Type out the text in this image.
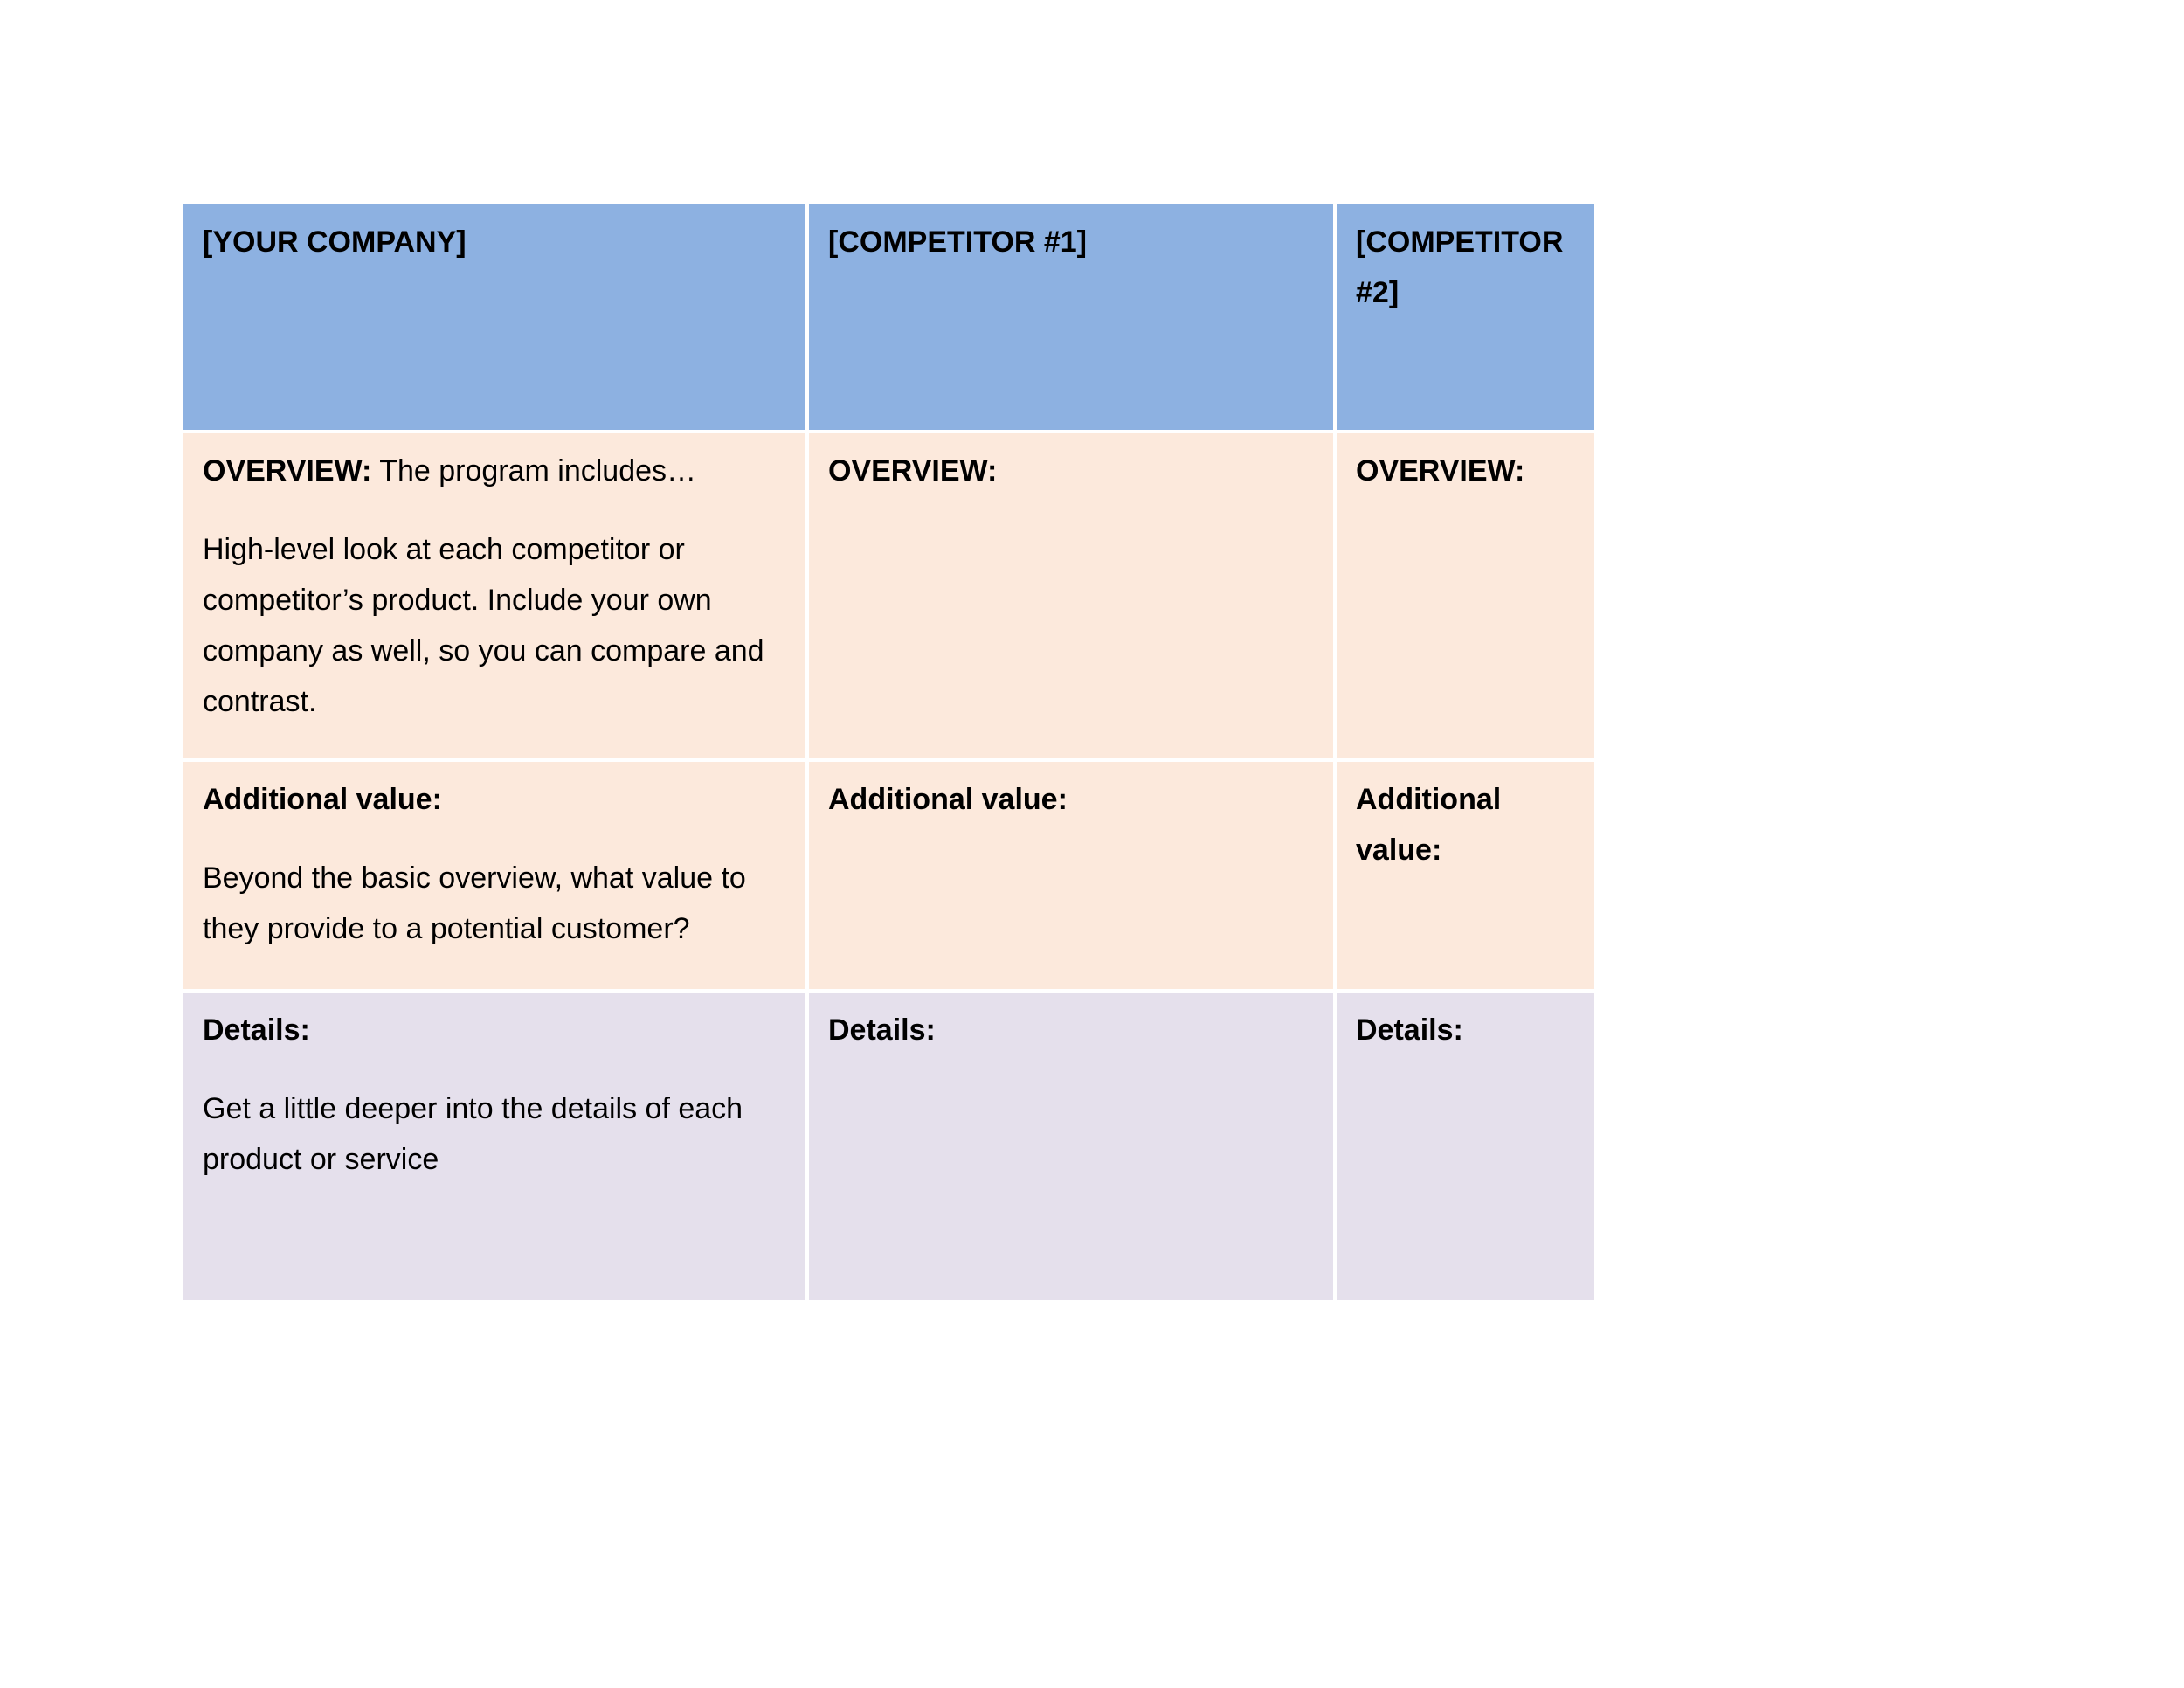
[YOUR COMPANY]	[COMPETITOR #1]	[COMPETITOR #2]

OVERVIEW: The program includes…

High-level look at each competitor or competitor’s product. Include your own company as well, so you can compare and contrast.	OVERVIEW:	OVERVIEW:

Additional value:

Beyond the basic overview, what value to they provide to a potential customer?	Additional value:	Additional value:

Details:

Get a little deeper into the details of each product or service	Details:	Details:
